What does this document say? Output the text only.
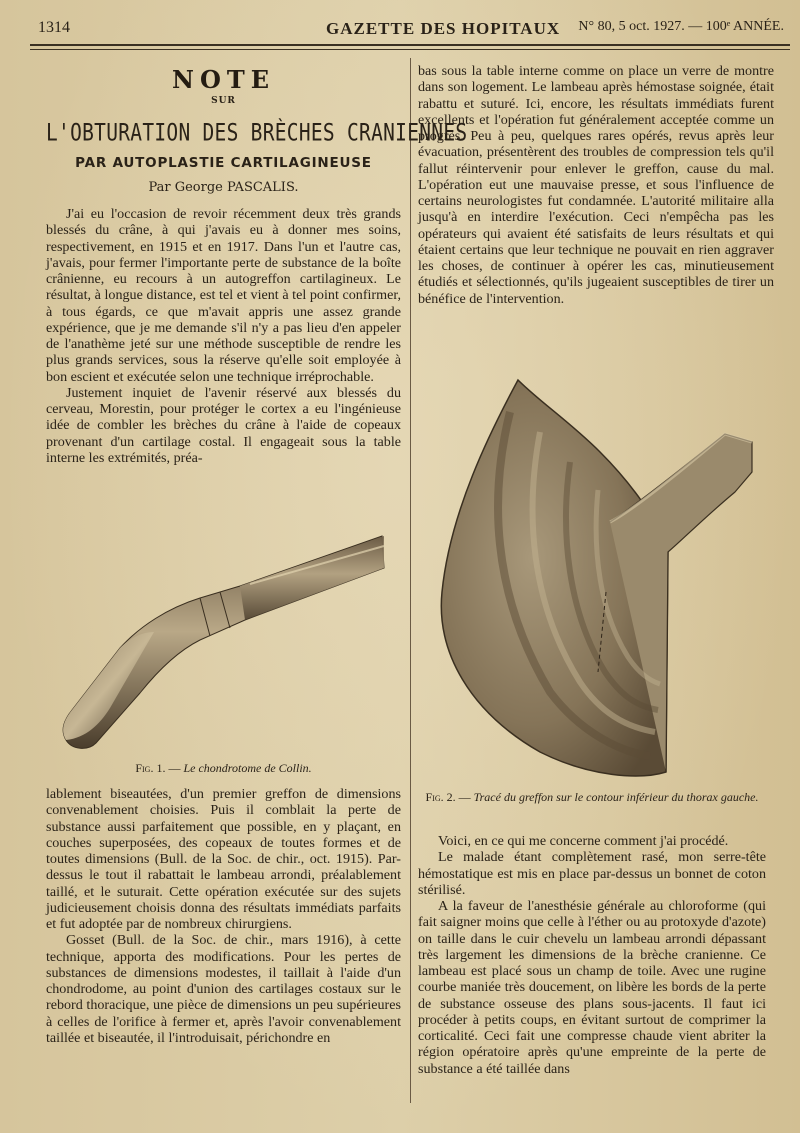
1314	GAZETTE DES HOPITAUX N° 80, 5 oct. 1927. — 100ᵉ ANNÉE.
NOTE
SUR
L'OBTURATION DES BRÈCHES CRANIENNES
PAR AUTOPLASTIE CARTILAGINEUSE
Par George PASCALIS.

J'ai eu l'occasion de revoir récemment deux très grands blessés du crâne, à qui j'avais eu à donner mes soins, respectivement, en 1915 et en 1917. Dans l'un et l'autre cas, j'avais, pour fermer l'importante perte de substance de la boîte crânienne, eu recours à un autogreffon cartilagineux. Le résultat, à longue distance, est tel et vient à tel point confirmer, à tous égards, ce que m'avait appris une assez grande expérience, que je me demande s'il n'y a pas lieu d'en appeler de l'anathème jeté sur une méthode susceptible de rendre les plus grands services, sous la réserve qu'elle soit employée à bon escient et exécutée selon une technique irréprochable.

Justement inquiet de l'avenir réservé aux blessés du cerveau, Morestin, pour protéger le cortex a eu l'ingénieuse idée de combler les brèches du crâne à l'aide de copeaux provenant d'un cartilage costal. Il engageait sous la table interne les extrémités, préa-

Fig. 1. — Le chondrotome de Collin.

lablement biseautées, d'un premier greffon de dimensions convenablement choisies. Puis il comblait la perte de substance aussi parfaitement que possible, en y plaçant, en couches superposées, des copeaux de toutes formes et de toutes dimensions (Bull. de la Soc. de chir., oct. 1915). Par-dessus le tout il rabattait le lambeau arrondi, préalablement taillé, et le suturait. Cette opération exécutée sur des sujets judicieusement choisis donna des résultats immédiats parfaits et fut adoptée par de nombreux chirurgiens.

Gosset (Bull. de la Soc. de chir., mars 1916), à cette technique, apporta des modifications. Pour les pertes de substances de dimensions modestes, il taillait à l'aide d'un chondrodome, au point d'union des cartilages costaux sur le rebord thoracique, une pièce de dimensions un peu supérieures à celles de l'orifice à fermer et, après l'avoir convenablement taillée et biseautée, il l'introduisait, périchondre en

bas sous la table interne comme on place un verre de montre dans son logement. Le lambeau après hémostase soignée, était rabattu et suturé. Ici, encore, les résultats immédiats furent excellents et l'opération fut généralement acceptée comme un progrès. Peu à peu, quelques rares opérés, revus après leur évacuation, présentèrent des troubles de compression tels qu'il fallut réintervenir pour enlever le greffon, cause du mal. L'opération eut une mauvaise presse, et sous l'influence de certains neurologistes fut condamnée. L'autorité militaire alla jusqu'à en interdire l'exécution. Ceci n'empêcha pas les opérateurs qui avaient été satisfaits de leurs résultats et qui étaient certains que leur technique ne pouvait en rien aggraver les choses, de continuer à opérer les cas, minutieusement étudiés et sélectionnés, qu'ils jugeaient susceptibles de tirer un bénéfice de l'intervention.

Fig. 2. — Tracé du greffon sur le contour inférieur du thorax gauche.

Voici, en ce qui me concerne comment j'ai procédé.

Le malade étant complètement rasé, mon serre-tête hémostatique est mis en place par-dessus un bonnet de coton stérilisé.

A la faveur de l'anesthésie générale au chloroforme (qui fait saigner moins que celle à l'éther ou au protoxyde d'azote) on taille dans le cuir chevelu un lambeau arrondi dépassant très largement les dimensions de la brèche cranienne. Ce lambeau est placé sous un champ de toile. Avec une rugine courbe maniée très doucement, on libère les bords de la perte de substance osseuse des plans sous-jacents. Il faut ici procéder à petits coups, en évitant surtout de comprimer la corticalité. Ceci fait une compresse chaude vient abriter la région opératoire après qu'une empreinte de la perte de substance a été taillée dans
